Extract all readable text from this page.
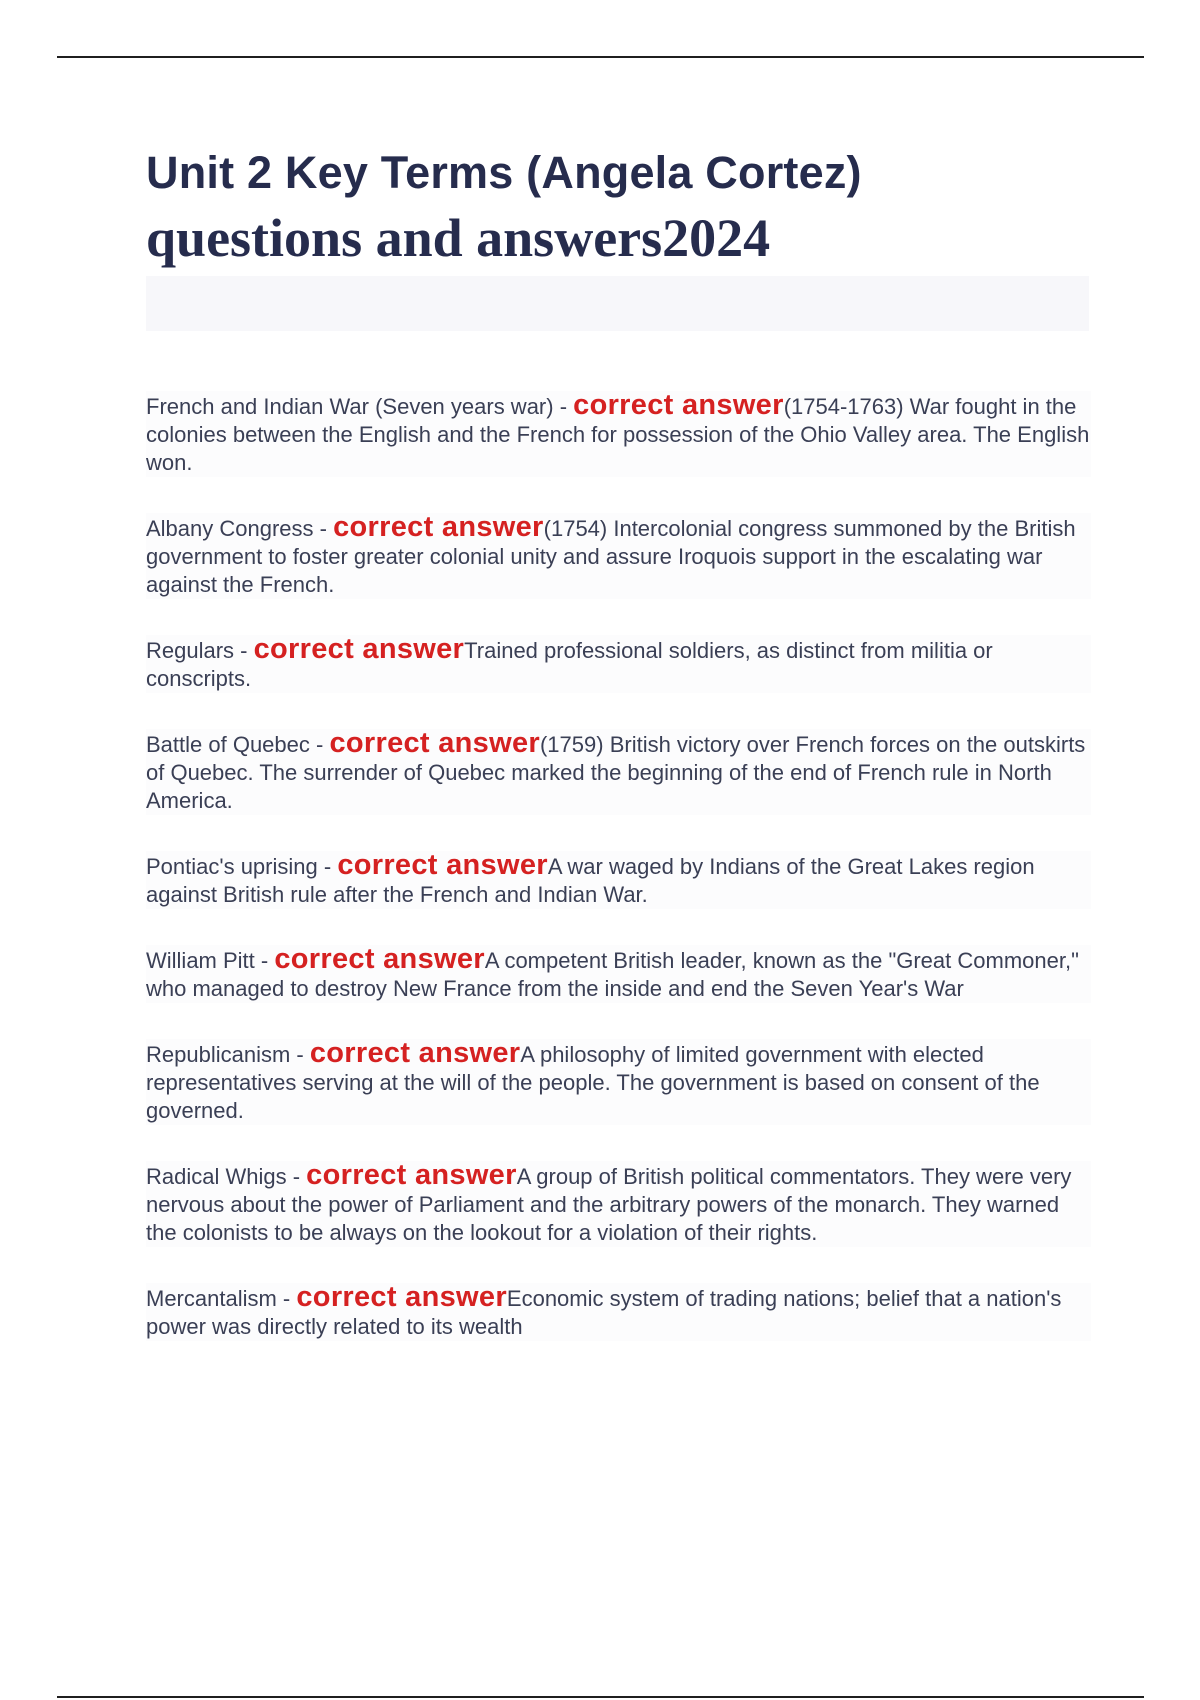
Unit 2 Key Terms (Angela Cortez)
questions and answers2024

French and Indian War (Seven years war) - correct answer(1754-1763) War fought in the colonies between the English and the French for possession of the Ohio Valley area. The English won.

Albany Congress - correct answer(1754) Intercolonial congress summoned by the British government to foster greater colonial unity and assure Iroquois support in the escalating war against the French.

Regulars - correct answerTrained professional soldiers, as distinct from militia or conscripts.

Battle of Quebec - correct answer(1759) British victory over French forces on the outskirts of Quebec. The surrender of Quebec marked the beginning of the end of French rule in North America.

Pontiac's uprising - correct answerA war waged by Indians of the Great Lakes region against British rule after the French and Indian War.

William Pitt - correct answerA competent British leader, known as the "Great Commoner," who managed to destroy New France from the inside and end the Seven Year's War

Republicanism - correct answerA philosophy of limited government with elected representatives serving at the will of the people. The government is based on consent of the governed.

Radical Whigs - correct answerA group of British political commentators. They were very nervous about the power of Parliament and the arbitrary powers of the monarch. They warned the colonists to be always on the lookout for a violation of their rights.

Mercantalism - correct answerEconomic system of trading nations; belief that a nation's power was directly related to its wealth
